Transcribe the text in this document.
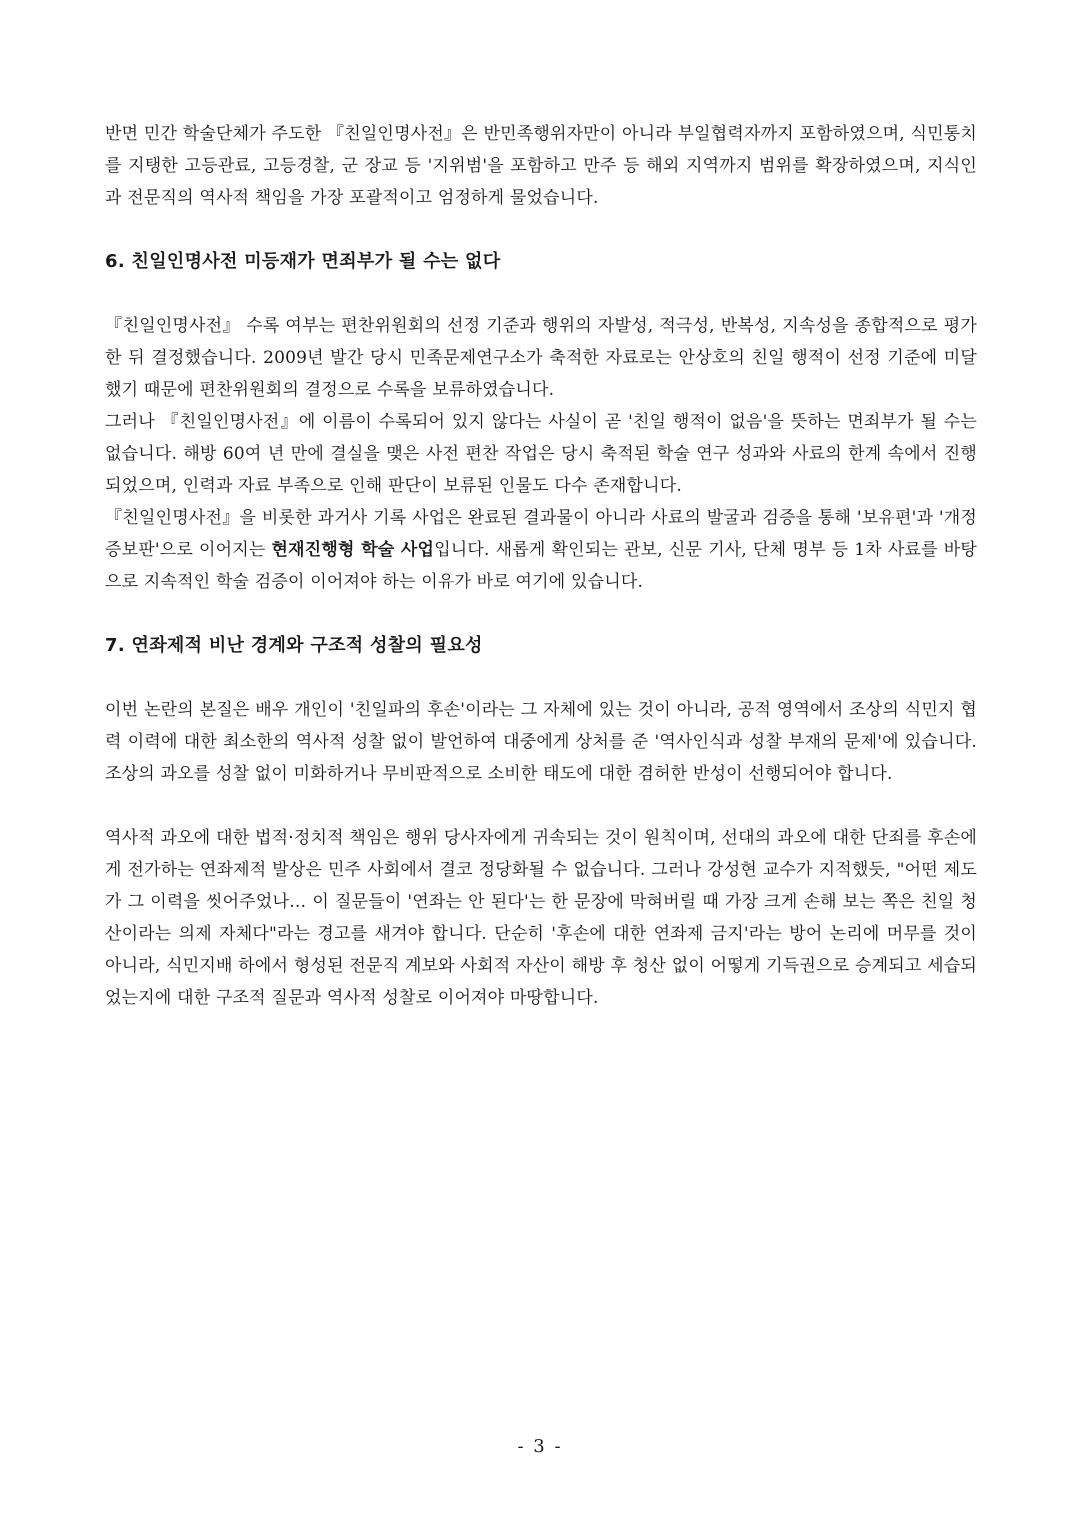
반면 민간 학술단체가 주도한 『친일인명사전』은 반민족행위자만이 아니라 부일협력자까지 포함하였으며, 식민통치를 지탱한 고등관료, 고등경찰, 군 장교 등 '지위범'을 포함하고 만주 등 해외 지역까지 범위를 확장하였으며, 지식인과 전문직의 역사적 책임을 가장 포괄적이고 엄정하게 물었습니다.

6. 친일인명사전 미등재가 면죄부가 될 수는 없다

『친일인명사전』 수록 여부는 편찬위원회의 선정 기준과 행위의 자발성, 적극성, 반복성, 지속성을 종합적으로 평가한 뒤 결정했습니다. 2009년 발간 당시 민족문제연구소가 축적한 자료로는 안상호의 친일 행적이 선정 기준에 미달했기 때문에 편찬위원회의 결정으로 수록을 보류하였습니다.

그러나 『친일인명사전』에 이름이 수록되어 있지 않다는 사실이 곧 '친일 행적이 없음'을 뜻하는 면죄부가 될 수는 없습니다. 해방 60여 년 만에 결실을 맺은 사전 편찬 작업은 당시 축적된 학술 연구 성과와 사료의 한계 속에서 진행되었으며, 인력과 자료 부족으로 인해 판단이 보류된 인물도 다수 존재합니다.

『친일인명사전』을 비롯한 과거사 기록 사업은 완료된 결과물이 아니라 사료의 발굴과 검증을 통해 '보유편'과 '개정증보판'으로 이어지는 현재진행형 학술 사업입니다. 새롭게 확인되는 관보, 신문 기사, 단체 명부 등 1차 사료를 바탕으로 지속적인 학술 검증이 이어져야 하는 이유가 바로 여기에 있습니다.

7. 연좌제적 비난 경계와 구조적 성찰의 필요성

이번 논란의 본질은 배우 개인이 '친일파의 후손'이라는 그 자체에 있는 것이 아니라, 공적 영역에서 조상의 식민지 협력 이력에 대한 최소한의 역사적 성찰 없이 발언하여 대중에게 상처를 준 '역사인식과 성찰 부재의 문제'에 있습니다. 조상의 과오를 성찰 없이 미화하거나 무비판적으로 소비한 태도에 대한 겸허한 반성이 선행되어야 합니다.

역사적 과오에 대한 법적·정치적 책임은 행위 당사자에게 귀속되는 것이 원칙이며, 선대의 과오에 대한 단죄를 후손에게 전가하는 연좌제적 발상은 민주 사회에서 결코 정당화될 수 없습니다. 그러나 강성현 교수가 지적했듯, "어떤 제도가 그 이력을 씻어주었나… 이 질문들이 '연좌는 안 된다'는 한 문장에 막혀버릴 때 가장 크게 손해 보는 쪽은 친일 청산이라는 의제 자체다"라는 경고를 새겨야 합니다. 단순히 '후손에 대한 연좌제 금지'라는 방어 논리에 머무를 것이 아니라, 식민지배 하에서 형성된 전문직 계보와 사회적 자산이 해방 후 청산 없이 어떻게 기득권으로 승계되고 세습되었는지에 대한 구조적 질문과 역사적 성찰로 이어져야 마땅합니다.

- 3 -
